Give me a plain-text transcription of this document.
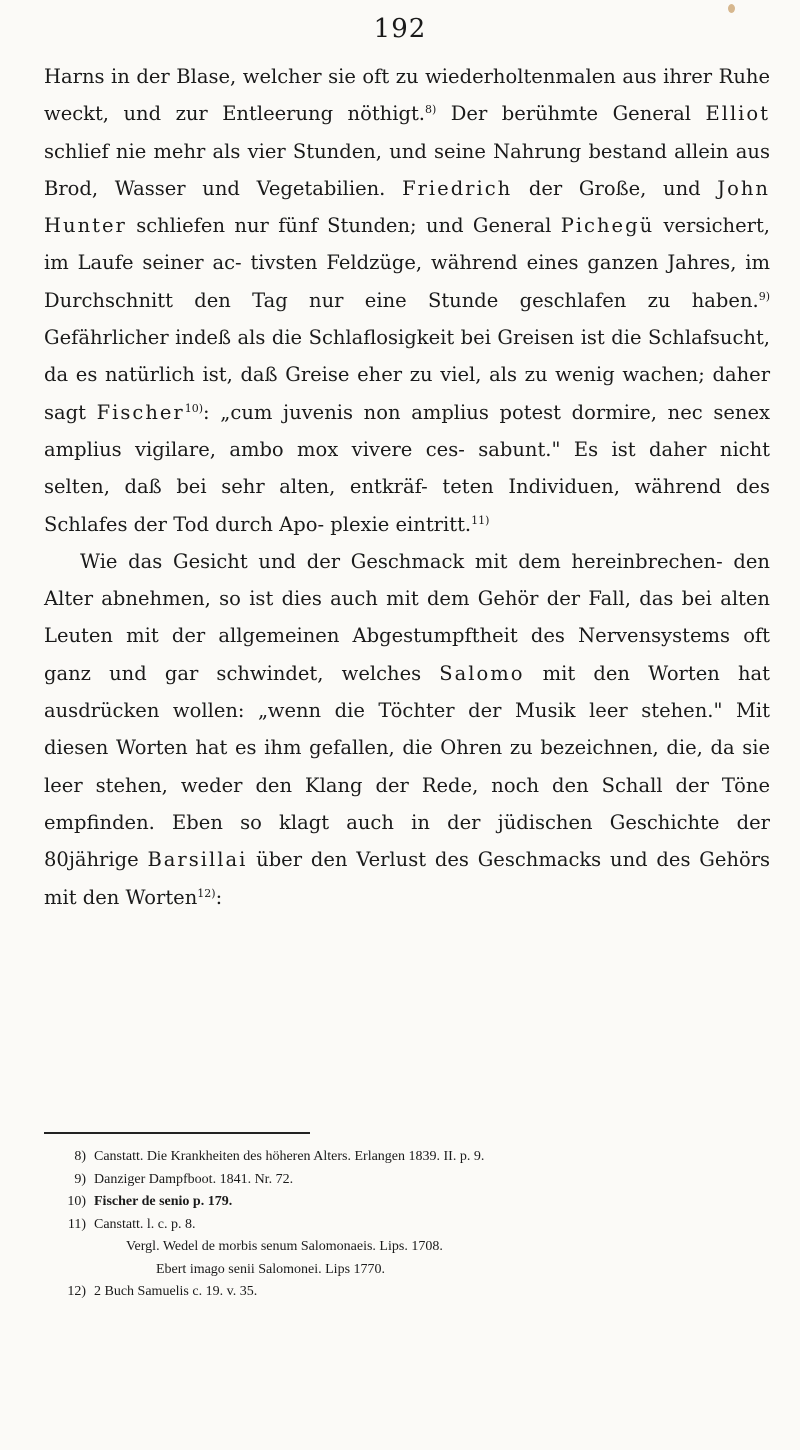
192

Harns in der Blase, welcher sie oft zu wiederholtenmalen aus ihrer Ruhe weckt, und zur Entleerung nöthigt.$^{8)}$ Der berühmte General Elliot schlief nie mehr als vier Stunden, und seine Nahrung bestand allein aus Brod, Wasser und Vegetabilien. Friedrich der Große, und John Hunter schliefen nur fünf Stunden; und General Pichegü versichert, im Laufe seiner ac- tivsten Feldzüge, während eines ganzen Jahres, im Durchschnitt den Tag nur eine Stunde geschlafen zu haben.$^{9)}$ Gefährlicher indeß als die Schlaflosigkeit bei Greisen ist die Schlafsucht, da es natürlich ist, daß Greise eher zu viel, als zu wenig wachen; daher sagt Fischer$^{10)}$: „cum juvenis non amplius potest dormire, nec senex amplius vigilare, ambo mox vivere ces- sabunt." Es ist daher nicht selten, daß bei sehr alten, entkräf- teten Individuen, während des Schlafes der Tod durch Apo- plexie eintritt.$^{11)}$

Wie das Gesicht und der Geschmack mit dem hereinbrechen- den Alter abnehmen, so ist dies auch mit dem Gehör der Fall, das bei alten Leuten mit der allgemeinen Abgestumpftheit des Nervensystems oft ganz und gar schwindet, welches Salomo mit den Worten hat ausdrücken wollen: „wenn die Töchter der Musik leer stehen." Mit diesen Worten hat es ihm gefallen, die Ohren zu bezeichnen, die, da sie leer stehen, weder den Klang der Rede, noch den Schall der Töne empfinden. Eben so klagt auch in der jüdischen Geschichte der 80jährige Barsillai über den Verlust des Geschmacks und des Gehörs mit den Worten$^{12)}$:

8) Canstatt. Die Krankheiten des höheren Alters. Erlangen 1839. II. p. 9.
9) Danziger Dampfboot. 1841. Nr. 72.
10) Fischer de senio p. 179.
11) Canstatt. l. c. p. 8.
Vergl. Wedel de morbis senum Salomonaeis. Lips. 1708.
Ebert imago senii Salomonei. Lips 1770.
12) 2 Buch Samuelis c. 19. v. 35.
